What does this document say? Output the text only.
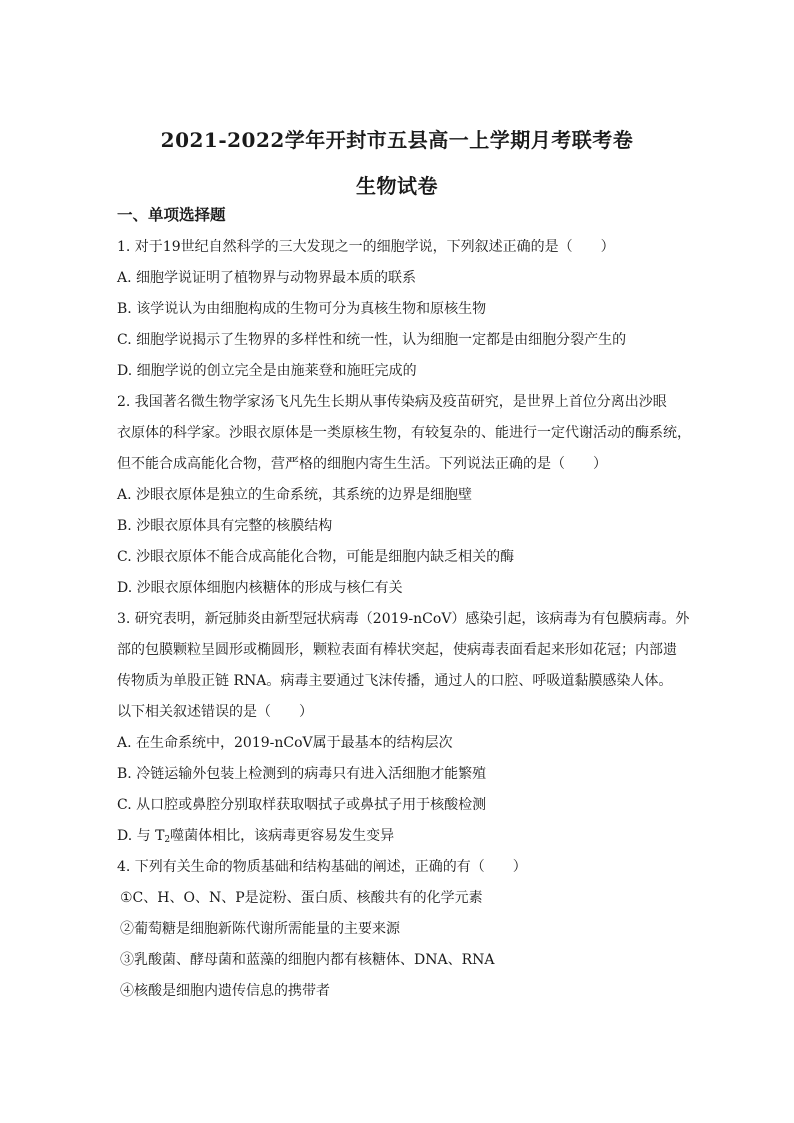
2021-2022学年开封市五县高一上学期月考联考卷
生物试卷
一、单项选择题
1. 对于19世纪自然科学的三大发现之一的细胞学说，下列叙述正确的是（　　）
A. 细胞学说证明了植物界与动物界最本质的联系
B. 该学说认为由细胞构成的生物可分为真核生物和原核生物
C. 细胞学说揭示了生物界的多样性和统一性，认为细胞一定都是由细胞分裂产生的
D. 细胞学说的创立完全是由施莱登和施旺完成的
2. 我国著名微生物学家汤飞凡先生长期从事传染病及疫苗研究，是世界上首位分离出沙眼
衣原体的科学家。沙眼衣原体是一类原核生物，有较复杂的、能进行一定代谢活动的酶系统，
但不能合成高能化合物，营严格的细胞内寄生生活。下列说法正确的是（　　）
A. 沙眼衣原体是独立的生命系统，其系统的边界是细胞壁
B. 沙眼衣原体具有完整的核膜结构
C. 沙眼衣原体不能合成高能化合物，可能是细胞内缺乏相关的酶
D. 沙眼衣原体细胞内核糖体的形成与核仁有关
3. 研究表明，新冠肺炎由新型冠状病毒（2019-nCoV）感染引起，该病毒为有包膜病毒。外
部的包膜颗粒呈圆形或椭圆形，颗粒表面有棒状突起，使病毒表面看起来形如花冠；内部遗
传物质为单股正链 RNA。病毒主要通过飞沫传播，通过人的口腔、呼吸道黏膜感染人体。
以下相关叙述错误的是（　　）
A. 在生命系统中，2019-nCoV属于最基本的结构层次
B. 冷链运输外包装上检测到的病毒只有进入活细胞才能繁殖
C. 从口腔或鼻腔分别取样获取咽拭子或鼻拭子用于核酸检测
D. 与 $T_2$噬菌体相比，该病毒更容易发生变异
4. 下列有关生命的物质基础和结构基础的阐述，正确的有（　　）
①C、H、O、N、P是淀粉、蛋白质、核酸共有的化学元素
②葡萄糖是细胞新陈代谢所需能量的主要来源
③乳酸菌、酵母菌和蓝藻的细胞内都有核糖体、DNA、RNA
④核酸是细胞内遗传信息的携带者
